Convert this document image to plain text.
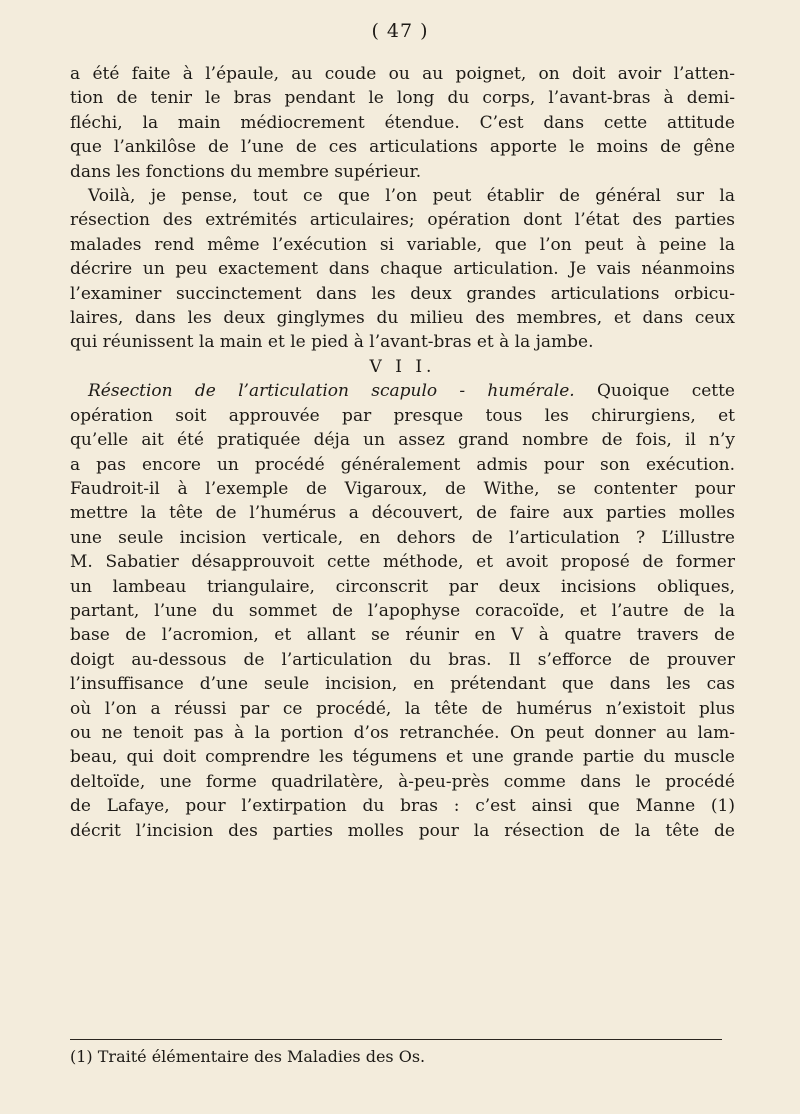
( 47 )
a été faite à l’épaule, au coude ou au poignet, on doit avoir l’atten-
tion de tenir le bras pendant le long du corps, l’avant-bras à demi-
fléchi, la main médiocrement étendue. C’est dans cette attitude
que l’ankilôse de l’une de ces articulations apporte le moins de gêne
dans les fonctions du membre supérieur.
Voilà, je pense, tout ce que l’on peut établir de général sur la
résection des extrémités articulaires; opération dont l’état des parties
malades rend même l’exécution si variable, que l’on peut à peine la
décrire un peu exactement dans chaque articulation. Je vais néanmoins
l’examiner succinctement dans les deux grandes articulations orbicu-
laires, dans les deux ginglymes du milieu des membres, et dans ceux
qui réunissent la main et le pied à l’avant-bras et à la jambe.
V I I.
Résection de l’articulation scapulo - humérale. Quoique cette
opération soit approuvée par presque tous les chirurgiens, et
qu’elle ait été pratiquée déja un assez grand nombre de fois, il n’y
a pas encore un procédé généralement admis pour son exécution.
Faudroit-il à l’exemple de Vigaroux, de Withe, se contenter pour
mettre la tête de l’humérus a découvert, de faire aux parties molles
une seule incision verticale, en dehors de l’articulation ? L’illustre
M. Sabatier désapprouvoit cette méthode, et avoit proposé de former
un lambeau triangulaire, circonscrit par deux incisions obliques,
partant, l’une du sommet de l’apophyse coracoïde, et l’autre de la
base de l’acromion, et allant se réunir en V à quatre travers de
doigt au-dessous de l’articulation du bras. Il s’efforce de prouver
l’insuffisance d’une seule incision, en prétendant que dans les cas
où l’on a réussi par ce procédé, la tête de humérus n’existoit plus
ou ne tenoit pas à la portion d’os retranchée. On peut donner au lam-
beau, qui doit comprendre les tégumens et une grande partie du muscle
deltoïde, une forme quadrilatère, à-peu-près comme dans le procédé
de Lafaye, pour l’extirpation du bras : c’est ainsi que Manne (1)
décrit l’incision des parties molles pour la résection de la tête de
(1) Traité élémentaire des Maladies des Os.
